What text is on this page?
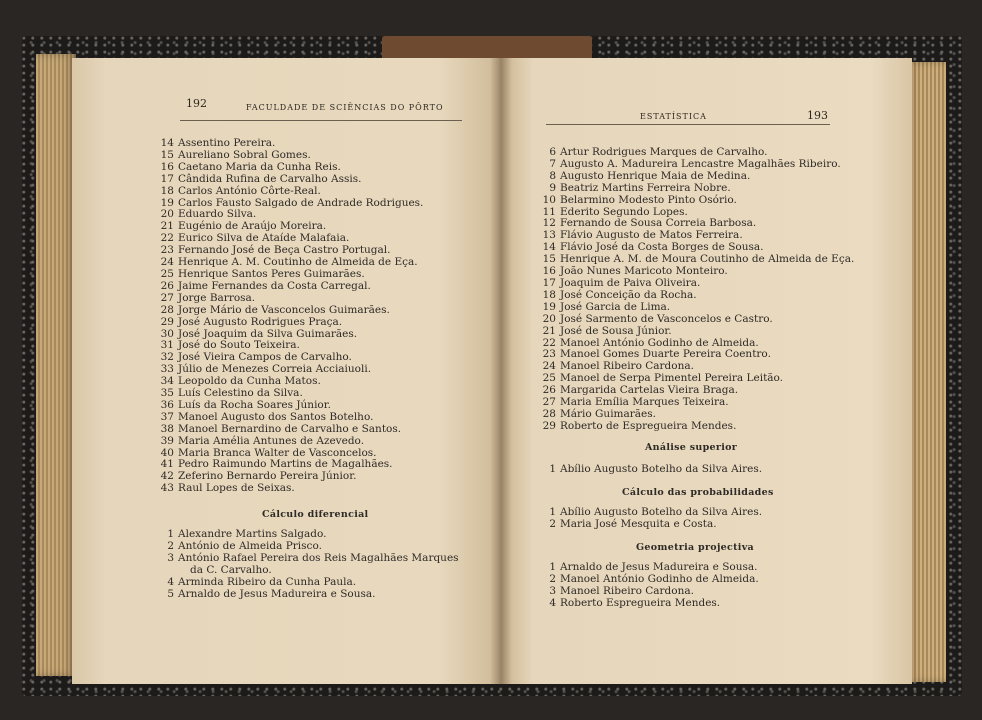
192	FACULDADE DE SCIÊNCIAS DO PÔRTO
14 Assentino Pereira.
15 Aureliano Sobral Gomes.
16 Caetano Maria da Cunha Reis.
17 Cândida Rufina de Carvalho Assis.
18 Carlos António Côrte-Real.
19 Carlos Fausto Salgado de Andrade Rodrigues.
20 Eduardo Silva.
21 Eugénio de Araújo Moreira.
22 Eurico Silva de Ataíde Malafaia.
23 Fernando José de Beça Castro Portugal.
24 Henrique A. M. Coutinho de Almeida de Eça.
25 Henrique Santos Peres Guimarães.
26 Jaime Fernandes da Costa Carregal.
27 Jorge Barrosa.
28 Jorge Mário de Vasconcelos Guimarães.
29 José Augusto Rodrigues Praça.
30 José Joaquim da Silva Guimarães.
31 José do Souto Teixeira.
32 José Vieira Campos de Carvalho.
33 Júlio de Menezes Correia Acciaiuoli.
34 Leopoldo da Cunha Matos.
35 Luís Celestino da Silva.
36 Luís da Rocha Soares Júnior.
37 Manoel Augusto dos Santos Botelho.
38 Manoel Bernardino de Carvalho e Santos.
39 Maria Amélia Antunes de Azevedo.
40 Maria Branca Walter de Vasconcelos.
41 Pedro Raimundo Martins de Magalhães.
42 Zeferino Bernardo Pereira Júnior.
43 Raul Lopes de Seixas.
Cálculo diferencial
1 Alexandre Martins Salgado.
2 António de Almeida Prisco.
3 António Rafael Pereira dos Reis Magalhães Marques
da C. Carvalho.
4 Arminda Ribeiro da Cunha Paula.
5 Arnaldo de Jesus Madureira e Sousa.
ESTATÍSTICA	193
6 Artur Rodrigues Marques de Carvalho.
7 Augusto A. Madureira Lencastre Magalhães Ribeiro.
8 Augusto Henrique Maia de Medina.
9 Beatriz Martins Ferreira Nobre.
10 Belarmino Modesto Pinto Osório.
11 Ederito Segundo Lopes.
12 Fernando de Sousa Correia Barbosa.
13 Flávio Augusto de Matos Ferreira.
14 Flávio José da Costa Borges de Sousa.
15 Henrique A. M. de Moura Coutinho de Almeida de Eça.
16 João Nunes Maricoto Monteiro.
17 Joaquim de Paiva Oliveira.
18 José Conceição da Rocha.
19 José Garcia de Lima.
20 José Sarmento de Vasconcelos e Castro.
21 José de Sousa Júnior.
22 Manoel António Godinho de Almeida.
23 Manoel Gomes Duarte Pereira Coentro.
24 Manoel Ribeiro Cardona.
25 Manoel de Serpa Pimentel Pereira Leitão.
26 Margarida Cartelas Vieira Braga.
27 Maria Emília Marques Teixeira.
28 Mário Guimarães.
29 Roberto de Espregueira Mendes.
Análise superior
1 Abílio Augusto Botelho da Silva Aires.
Cálculo das probabilidades
1 Abílio Augusto Botelho da Silva Aires.
2 Maria José Mesquita e Costa.
Geometria projectiva
1 Arnaldo de Jesus Madureira e Sousa.
2 Manoel António Godinho de Almeida.
3 Manoel Ribeiro Cardona.
4 Roberto Espregueira Mendes.
